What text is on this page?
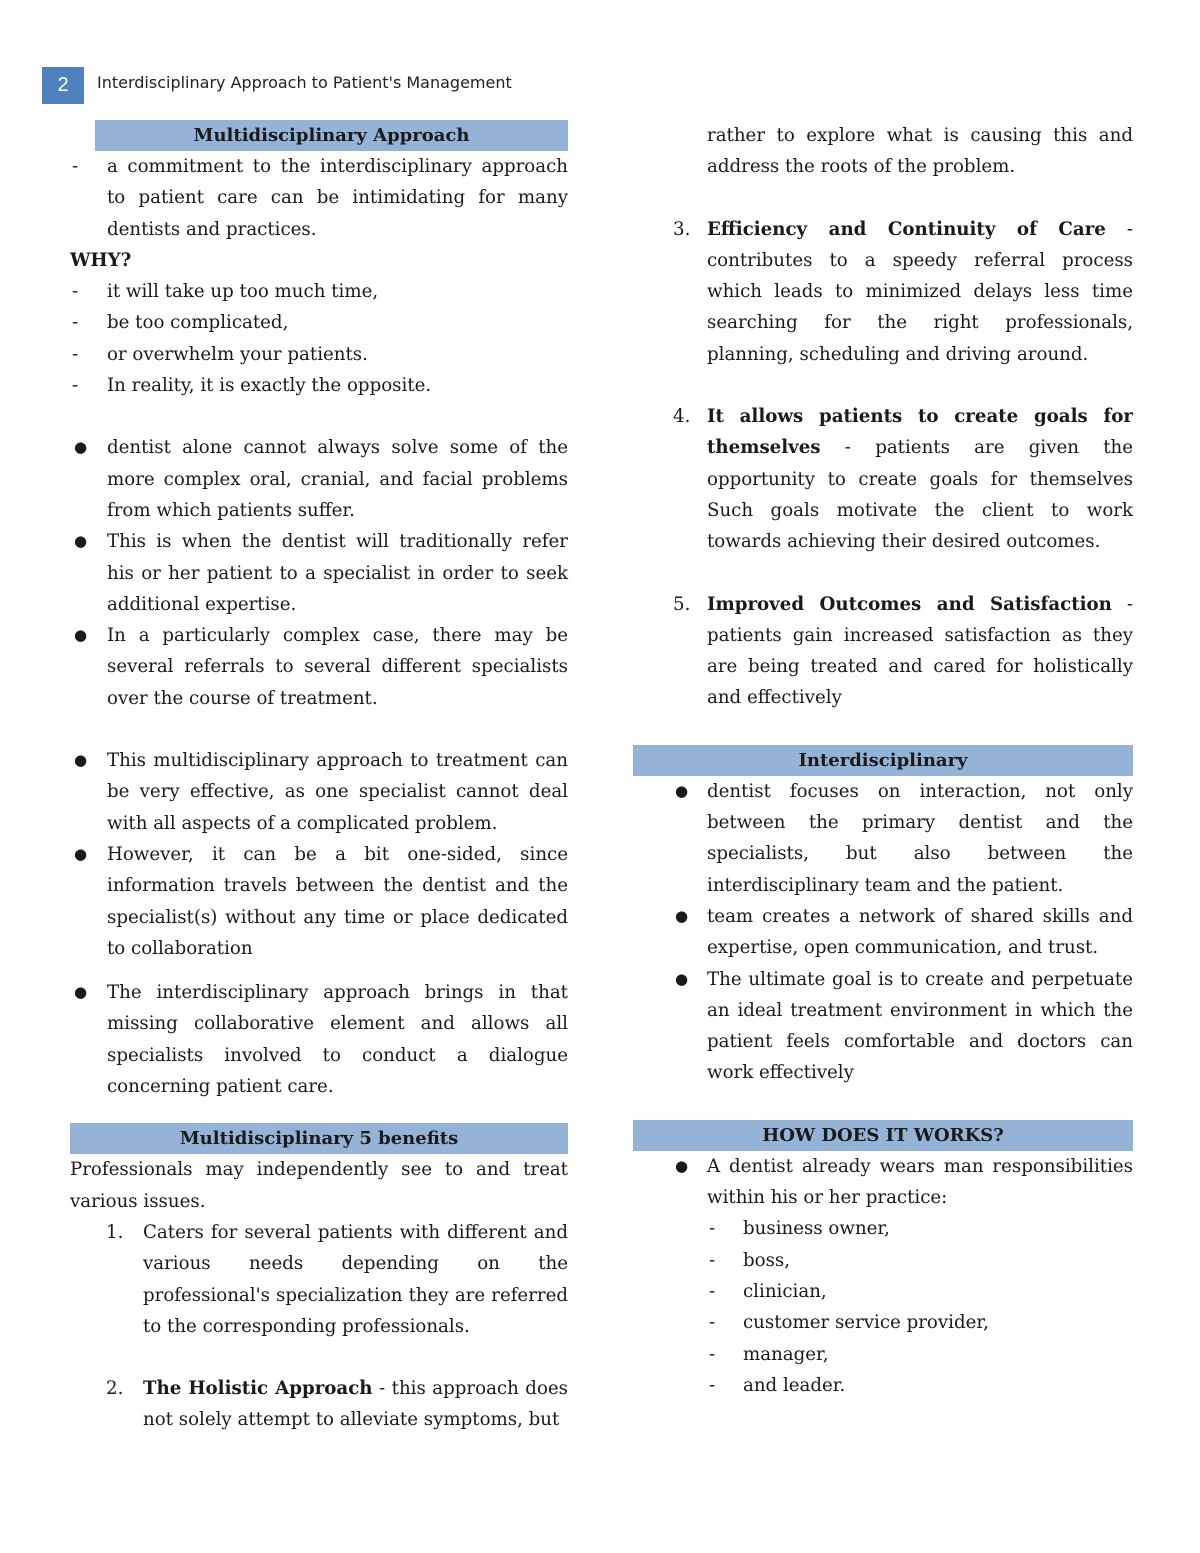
2	Interdisciplinary Approach to Patient's Management
Multidisciplinary Approach
- a commitment to the interdisciplinary approach to patient care can be intimidating for many dentists and practices.

WHY?
- it will take up too much time,

- be too complicated,

- or overwhelm your patients.

- In reality, it is exactly the opposite.

● dentist alone cannot always solve some of the more complex oral, cranial, and facial problems from which patients suffer.

● This is when the dentist will traditionally refer his or her patient to a specialist in order to seek additional expertise.

● In a particularly complex case, there may be several referrals to several different specialists over the course of treatment.

● This multidisciplinary approach to treatment can be very effective, as one specialist cannot deal with all aspects of a complicated problem.

● However, it can be a bit one-sided, since information travels between the dentist and the specialist(s) without any time or place dedicated to collaboration

● The interdisciplinary approach brings in that missing collaborative element and allows all specialists involved to conduct a dialogue concerning patient care.

Multidisciplinary 5 benefits

Professionals may independently see to and treat various issues.

1. Caters for several patients with different and various needs depending on the professional's specialization they are referred to the corresponding professionals.

2. The Holistic Approach - this approach does not solely attempt to alleviate symptoms, but

rather to explore what is causing this and address the roots of the problem.

3. Efficiency and Continuity of Care - contributes to a speedy referral process which leads to minimized delays less time searching for the right professionals, planning, scheduling and driving around.

4. It allows patients to create goals for themselves - patients are given the opportunity to create goals for themselves Such goals motivate the client to work towards achieving their desired outcomes.

5. Improved Outcomes and Satisfaction - patients gain increased satisfaction as they are being treated and cared for holistically and effectively

Interdisciplinary
● dentist focuses on interaction, not only between the primary dentist and the specialists, but also between the interdisciplinary team and the patient.

● team creates a network of shared skills and expertise, open communication, and trust.

● The ultimate goal is to create and perpetuate an ideal treatment environment in which the patient feels comfortable and doctors can work effectively

HOW DOES IT WORKS?
● A dentist already wears man responsibilities within his or her practice:

- business owner,

- boss,

- clinician,

- customer service provider,

- manager,

- and leader.
